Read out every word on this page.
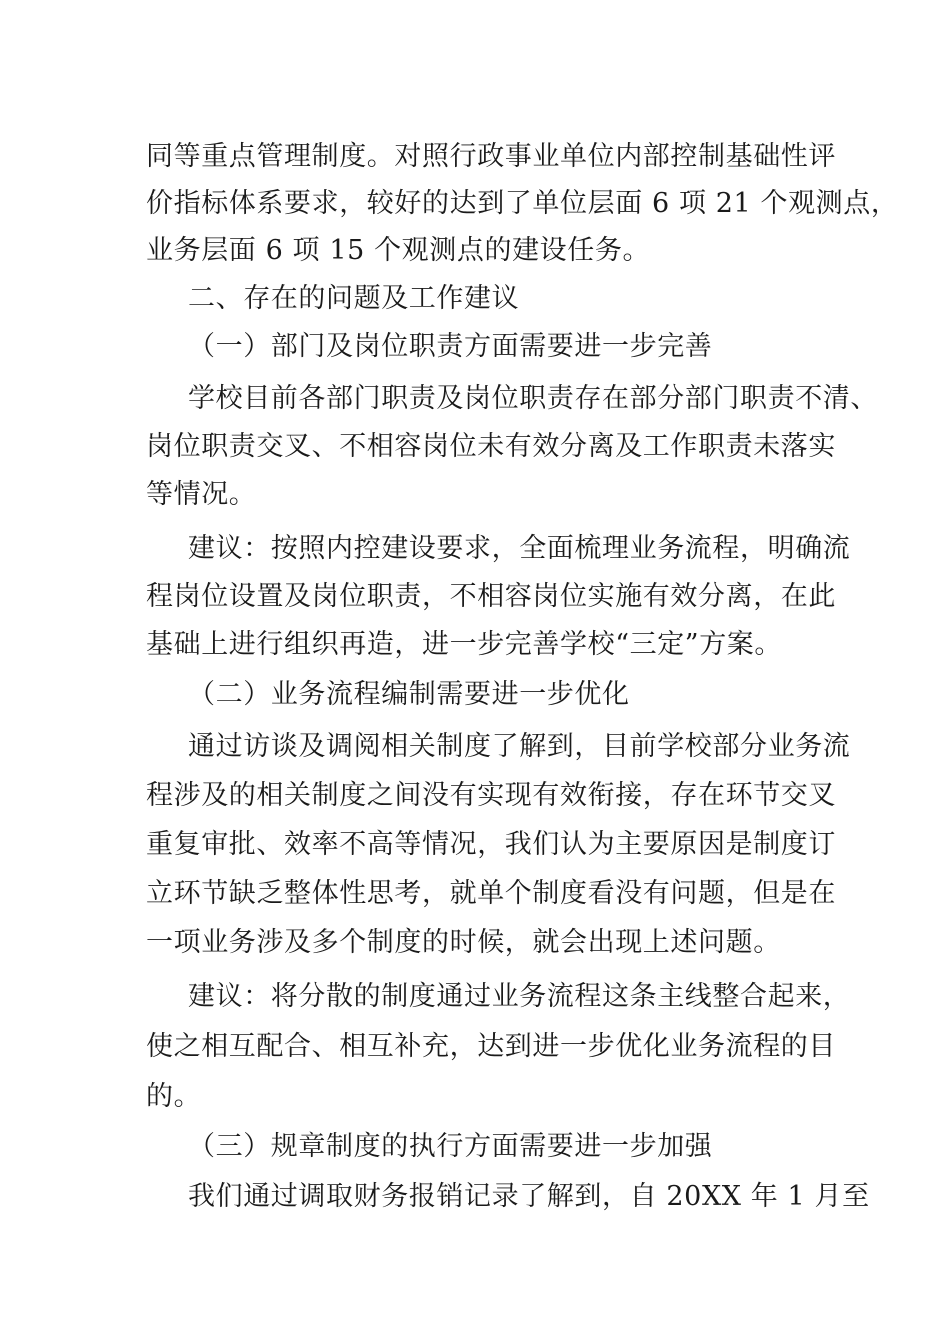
同等重点管理制度。对照行政事业单位内部控制基础性评
价指标体系要求，较好的达到了单位层面 6 项 21 个观测点，
业务层面 6 项 15 个观测点的建设任务。
二、存在的问题及工作建议
（一）部门及岗位职责方面需要进一步完善
学校目前各部门职责及岗位职责存在部分部门职责不清、
岗位职责交叉、不相容岗位未有效分离及工作职责未落实
等情况。
建议：按照内控建设要求，全面梳理业务流程，明确流
程岗位设置及岗位职责，不相容岗位实施有效分离，在此
基础上进行组织再造，进一步完善学校“三定”方案。
（二）业务流程编制需要进一步优化
通过访谈及调阅相关制度了解到，目前学校部分业务流
程涉及的相关制度之间没有实现有效衔接，存在环节交叉
重复审批、效率不高等情况，我们认为主要原因是制度订
立环节缺乏整体性思考，就单个制度看没有问题，但是在
一项业务涉及多个制度的时候，就会出现上述问题。
建议：将分散的制度通过业务流程这条主线整合起来，
使之相互配合、相互补充，达到进一步优化业务流程的目
的。
（三）规章制度的执行方面需要进一步加强
我们通过调取财务报销记录了解到，自 20XX 年 1 月至
